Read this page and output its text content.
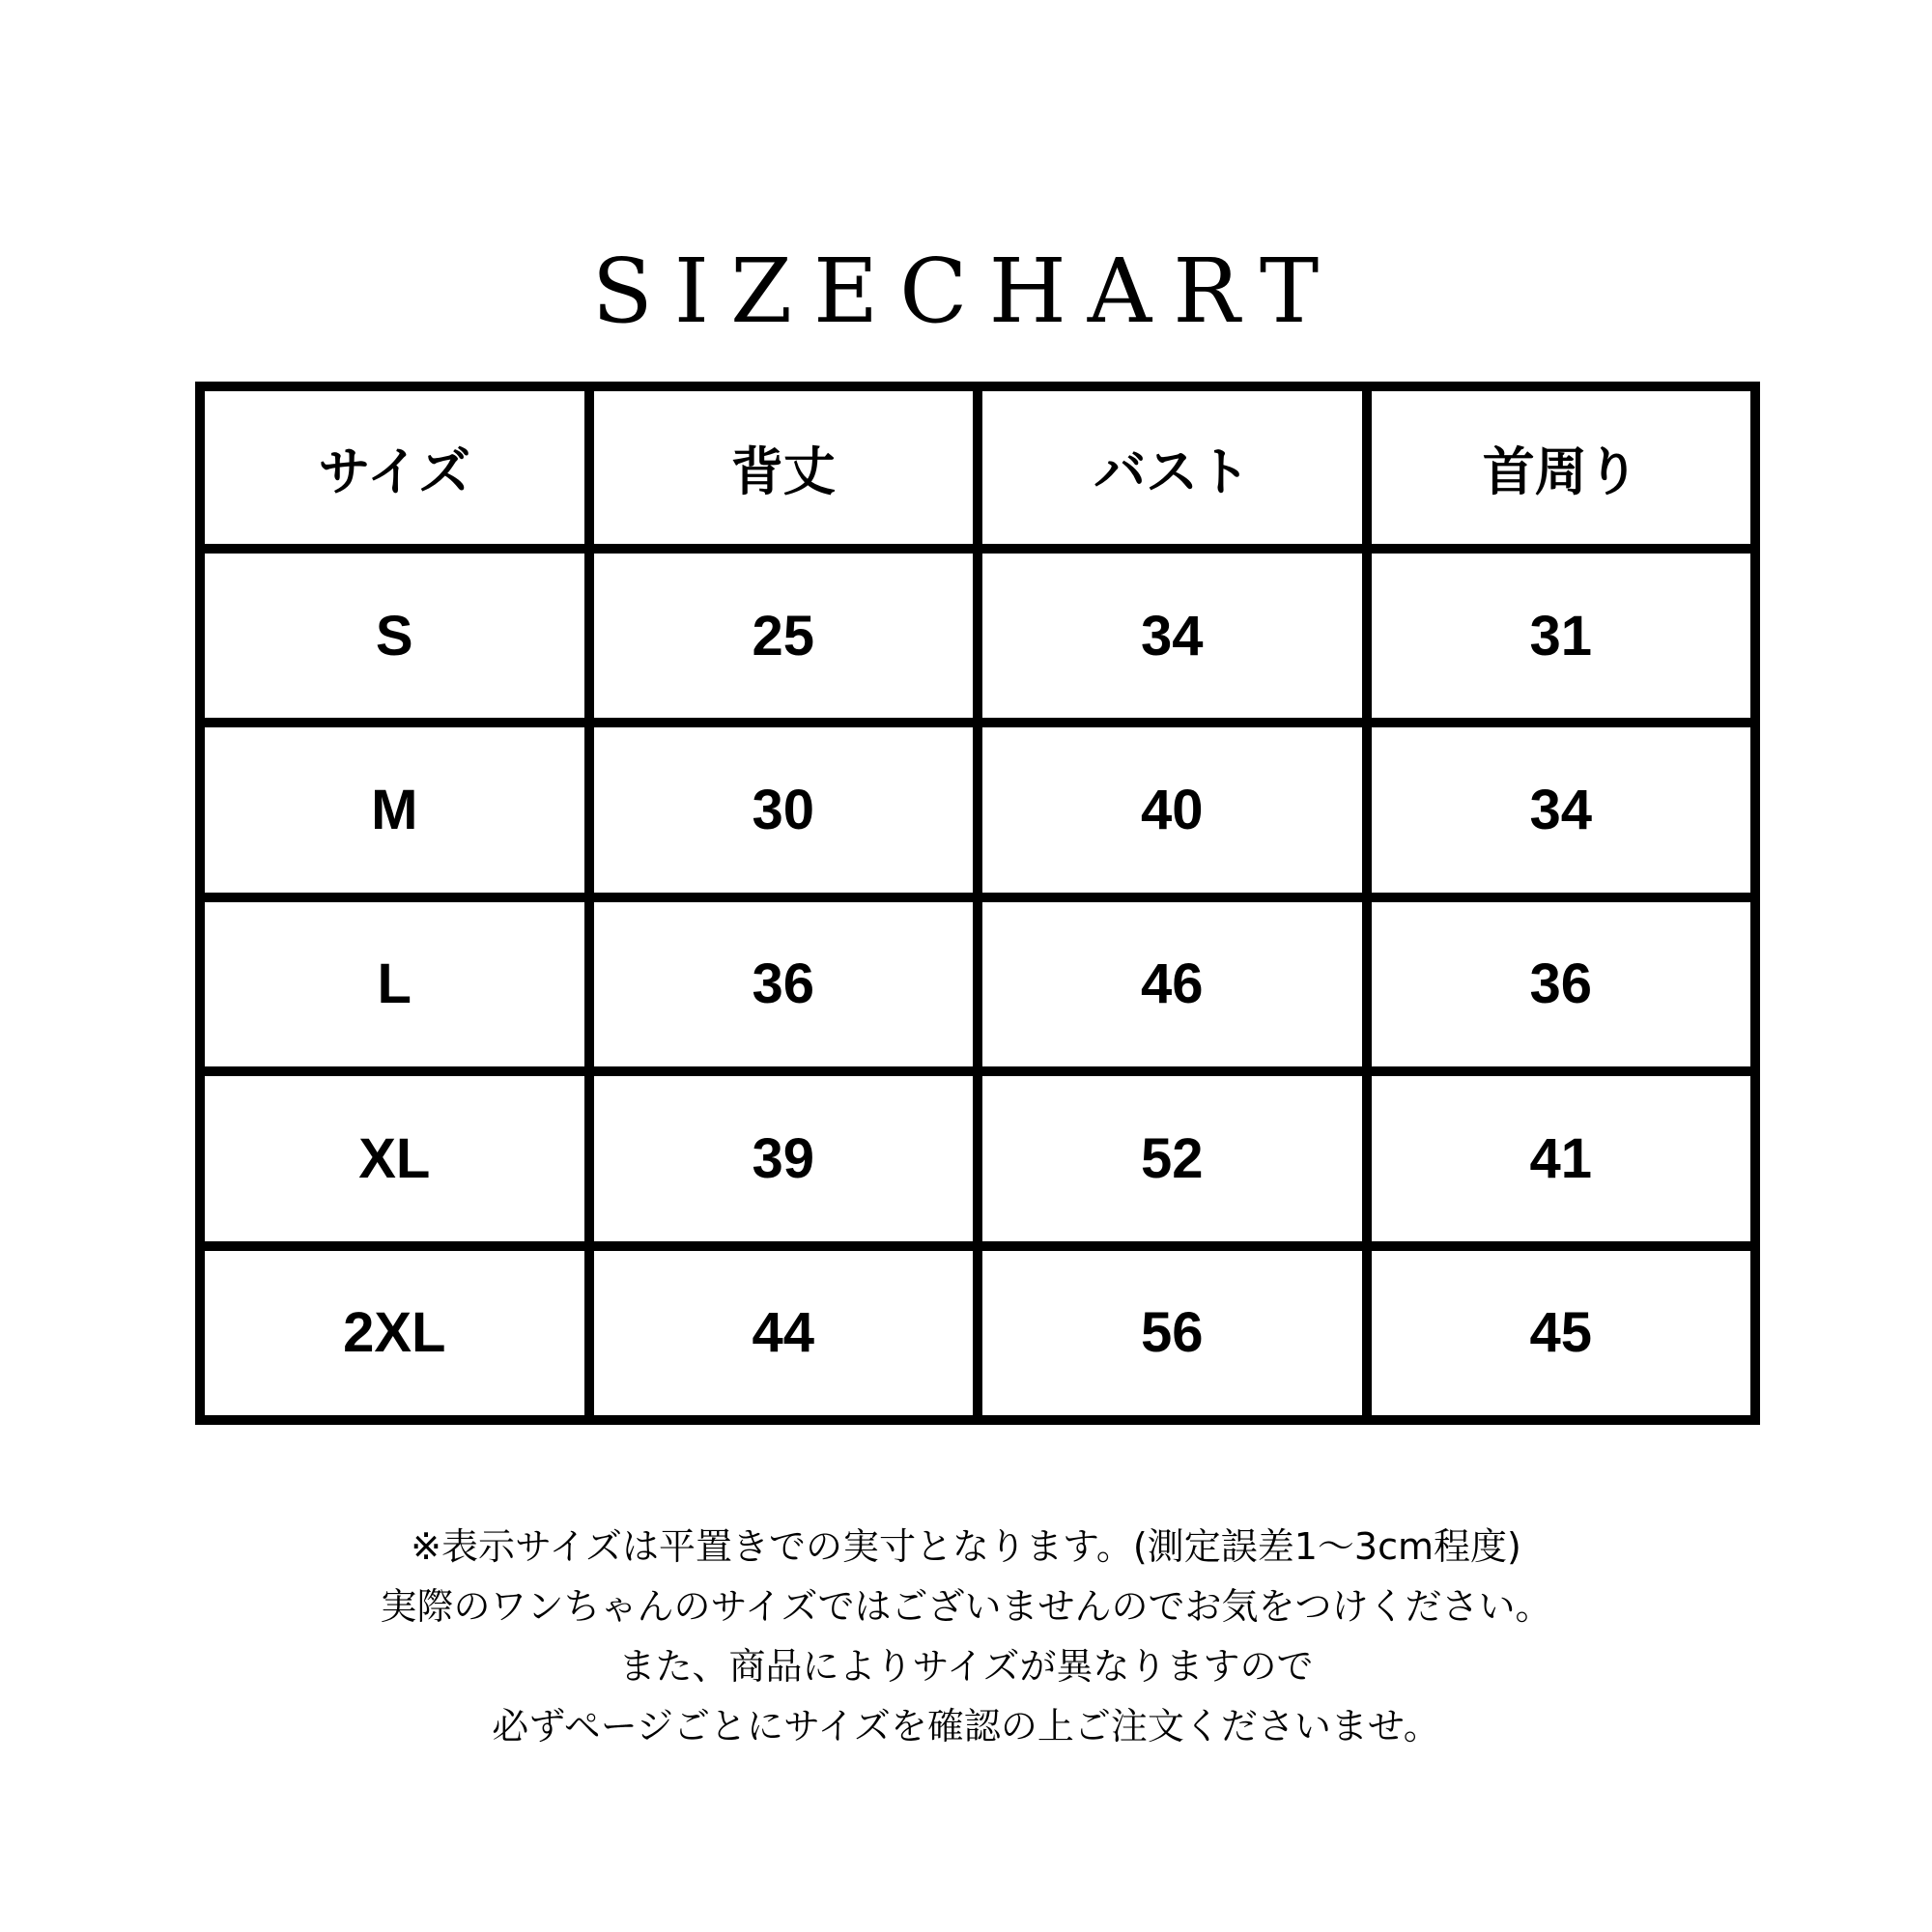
SIZECHART
サイズ	背丈	バスト	首周り
S	25	34	31
M	30	40	34
L	36	46	36
XL	39	52	41
2XL	44	56	45
※表示サイズは平置きでの実寸となります。(測定誤差1〜3cm程度)
実際のワンちゃんのサイズではございませんのでお気をつけください。
また、商品によりサイズが異なりますので
必ずページごとにサイズを確認の上ご注文くださいませ。
